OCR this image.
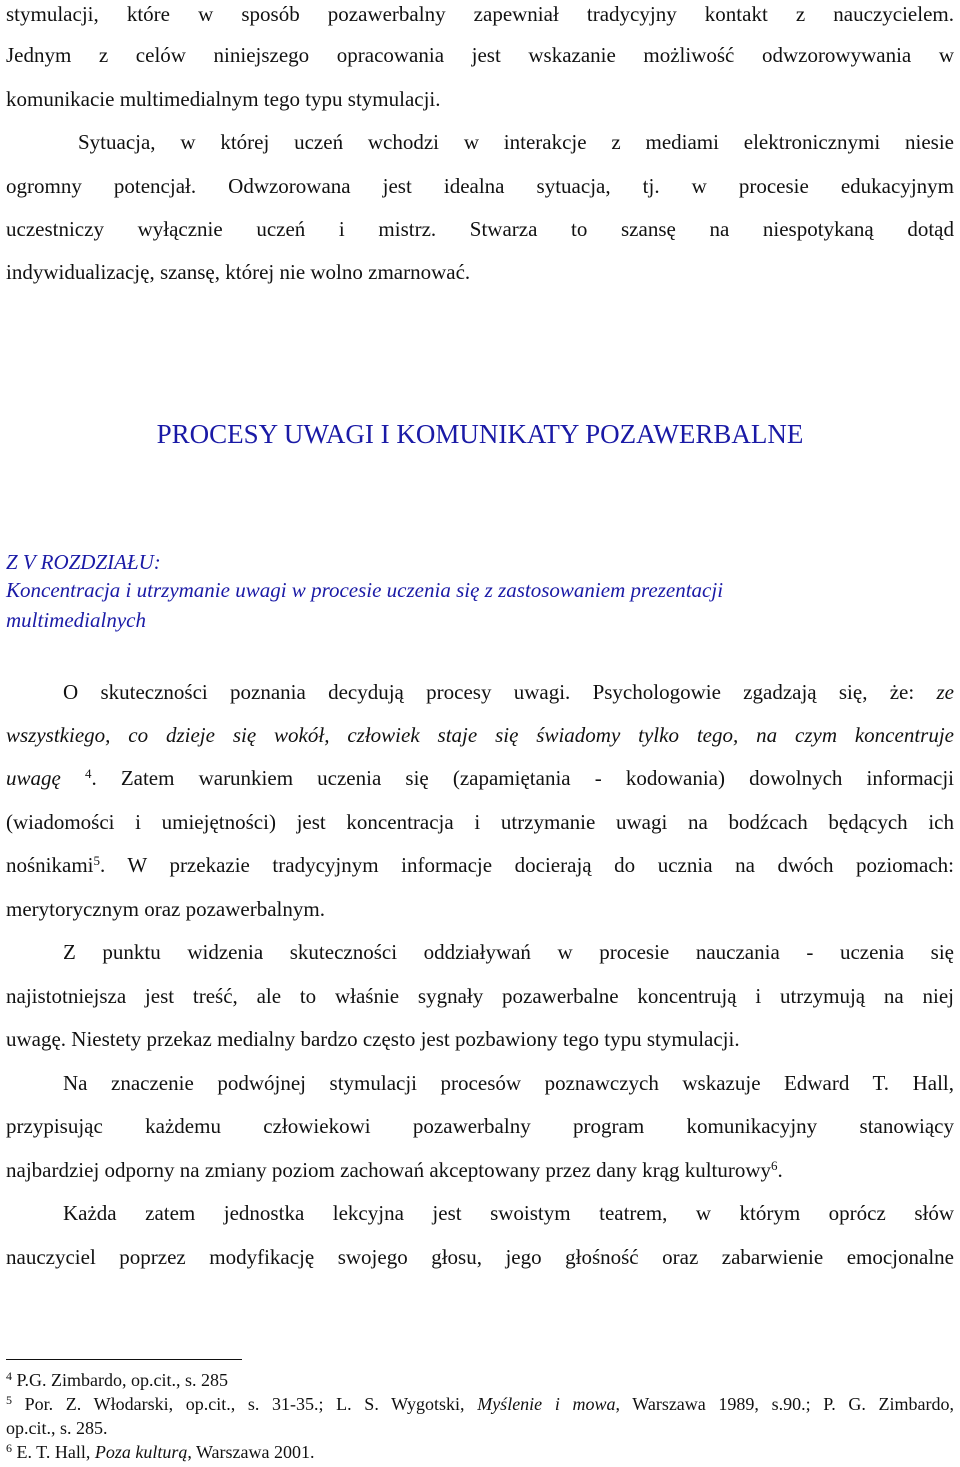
stymulacji, które w sposób pozawerbalny zapewniał tradycyjny kontakt z nauczycielem.
Jednym z celów niniejszego opracowania jest wskazanie możliwość odwzorowywania w
komunikacie multimedialnym tego typu stymulacji.
Sytuacja, w której uczeń wchodzi w interakcje z mediami elektronicznymi niesie
ogromny potencjał. Odwzorowana jest idealna sytuacja, tj. w procesie edukacyjnym
uczestniczy wyłącznie uczeń i mistrz. Stwarza to szansę na niespotykaną dotąd
indywidualizację, szansę, której nie wolno zmarnować.
PROCESY UWAGI I KOMUNIKATY POZAWERBALNE
Z V ROZDZIAŁU:
Koncentracja i utrzymanie uwagi w procesie uczenia się z zastosowaniem prezentacji
multimedialnych
O skuteczności poznania decydują procesy uwagi. Psychologowie zgadzają się, że: ze
wszystkiego, co dzieje się wokół, człowiek staje się świadomy tylko tego, na czym koncentruje
uwagę $^4$. Zatem warunkiem uczenia się (zapamiętania - kodowania) dowolnych informacji
(wiadomości i umiejętności) jest koncentracja i utrzymanie uwagi na bodźcach będących ich
nośnikami$^5$. W przekazie tradycyjnym informacje docierają do ucznia na dwóch poziomach:
merytorycznym oraz pozawerbalnym.
Z punktu widzenia skuteczności oddziaływań w procesie nauczania - uczenia się
najistotniejsza jest treść, ale to właśnie sygnały pozawerbalne koncentrują i utrzymują na niej
uwagę. Niestety przekaz medialny bardzo często jest pozbawiony tego typu stymulacji.
Na znaczenie podwójnej stymulacji procesów poznawczych wskazuje Edward T. Hall,
przypisując każdemu człowiekowi pozawerbalny program komunikacyjny stanowiący
najbardziej odporny na zmiany poziom zachowań akceptowany przez dany krąg kulturowy$^6$.
Każda zatem jednostka lekcyjna jest swoistym teatrem, w którym oprócz słów
nauczyciel poprzez modyfikację swojego głosu, jego głośność oraz zabarwienie emocjonalne
$^4$ P.G. Zimbardo, op.cit., s. 285
$^5$ Por. Z. Włodarski, op.cit., s. 31-35.; L. S. Wygotski, Myślenie i mowa, Warszawa 1989, s.90.; P. G. Zimbardo,
op.cit., s. 285.
$^6$ E. T. Hall, Poza kulturą, Warszawa 2001.
